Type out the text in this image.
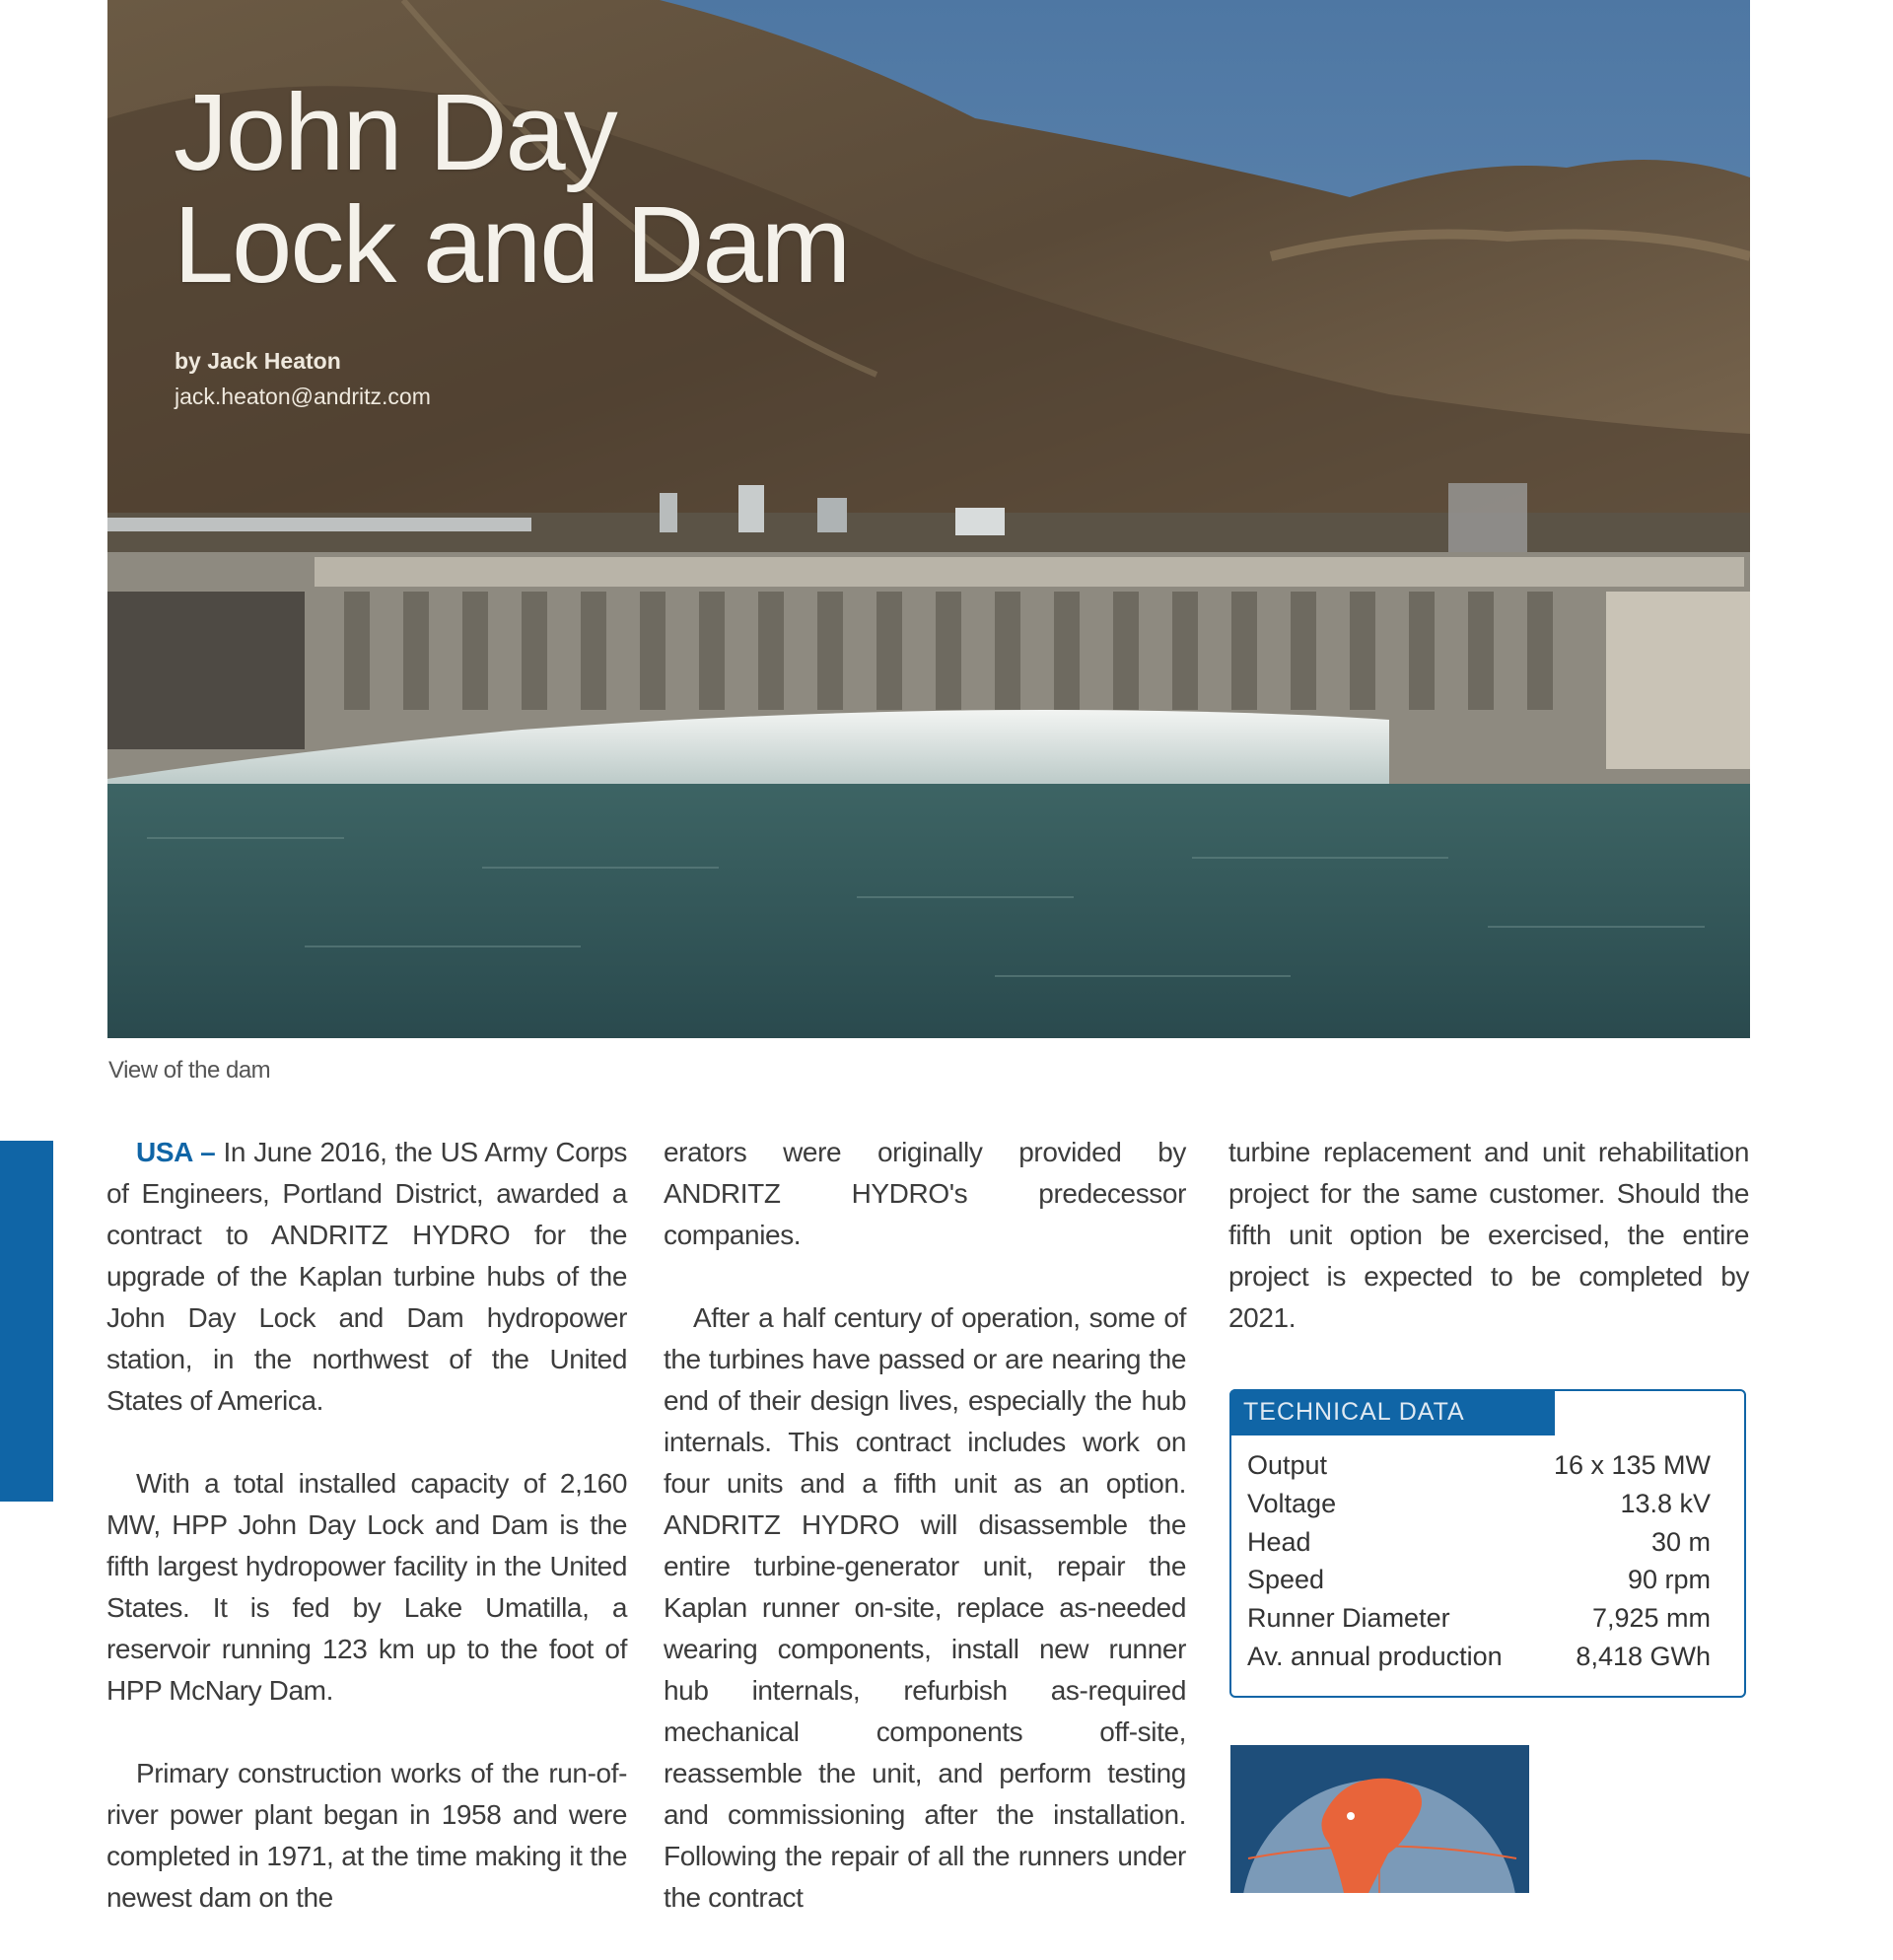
John Day
Lock and Dam
by Jack Heaton
jack.heaton@andritz.com
View of the dam

USA – In June 2016, the US Army Corps of Engineers, Portland District, awarded a contract to ANDRITZ HYDRO for the upgrade of the Kaplan turbine hubs of the John Day Lock and Dam hydropower station, in the northwest of the United States of America.

With a total installed capacity of 2,160 MW, HPP John Day Lock and Dam is the fifth largest hydropower facility in the United States. It is fed by Lake Umatilla, a reservoir running 123 km up to the foot of HPP McNary Dam.

Primary construction works of the run-of-river power plant began in 1958 and were completed in 1971, at the time making it the newest dam on the

erators were originally provided by ANDRITZ HYDRO's predecessor companies.

After a half century of operation, some of the turbines have passed or are nearing the end of their design lives, especially the hub internals. This contract includes work on four units and a fifth unit as an option. ANDRITZ HYDRO will disassemble the entire turbine-generator unit, repair the Kaplan runner on-site, replace as-needed wearing components, install new runner hub internals, refurbish as-required mechanical components off-site, reassemble the unit, and perform testing and commissioning after the installation. Following the repair of all the runners under the contract

turbine replacement and unit rehabilitation project for the same customer. Should the fifth unit option be exercised, the entire project is expected to be completed by 2021.

TECHNICAL DATA
Output	16 x 135 MW
Voltage	13.8 kV
Head	30 m
Speed	90 rpm
Runner Diameter	7,925 mm
Av. annual production	8,418 GWh
